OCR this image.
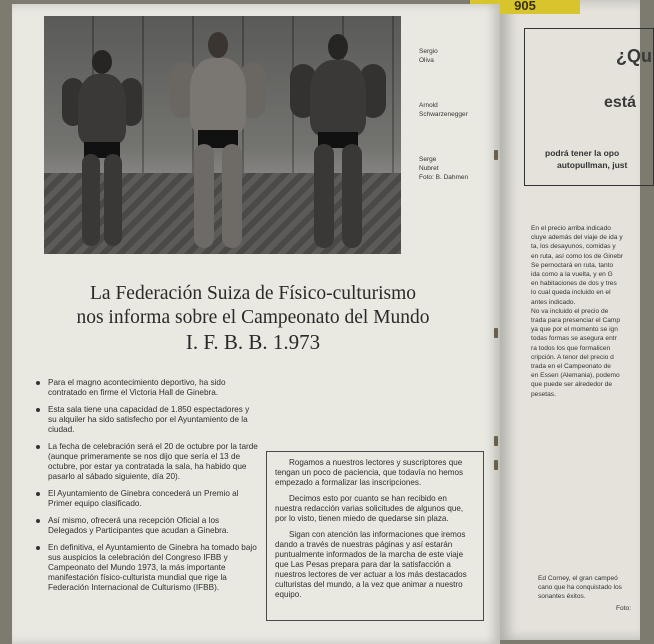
905
Sergio
Oliva
Arnold
Schwarzenegger
Serge
Nubret
Foto: B. Dahmen
La Federación Suiza de Físico-culturismo
nos informa sobre el Campeonato del Mundo
I. F. B. B. 1.973
Para el magno acontecimiento deportivo, ha sido contratado en firme el Victoria Hall de Ginebra.
Esta sala tiene una capacidad de 1.850 espectadores y su alquiler ha sido satisfecho por el Ayuntamiento de la ciudad.
La fecha de celebración será el 20 de octubre por la tarde (aunque primeramente se nos dijo que sería el 13 de octubre, por estar ya contratada la sala, ha habido que pasarlo al sábado siguiente, día 20).
El Ayuntamiento de Ginebra concederá un Premio al Primer equipo clasificado.
Así mismo, ofrecerá una recepción Oficial a los Delegados y Participantes que acudan a Ginebra.
En definitiva, el Ayuntamiento de Ginebra ha tomado bajo sus auspicios la celebración del Congreso IFBB y Campeonato del Mundo 1973, la más importante manifestación físico-culturista mundial que rige la Federación Internacional de Culturismo (IFBB).

Rogamos a nuestros lectores y suscriptores que tengan un poco de paciencia, que todavía no hemos empezado a formalizar las inscripciones.

Decimos esto por cuanto se han recibido en nuestra redacción varias solicitudes de algunos que, por lo visto, tienen miedo de quedarse sin plaza.

Sigan con atención las informaciones que iremos dando a través de nuestras páginas y así estarán puntualmente informados de la marcha de este viaje que Las Pesas prepara para dar la satisfacción a nuestros lectores de ver actuar a los más destacados culturistas del mundo, a la vez que animar a nuestro equipo.

¿Qu
está
podrá tener la opo
autopullman, just
En el precio arriba indicado
cluye además del viaje de ida y
ta, los desayunos, comidas y
en ruta, así como los de Ginebr
Se pernoctará en ruta, tanto
ida como a la vuelta, y en G
en habitaciones de dos y tres
lo cual queda incluido en el
antes indicado.
No va incluido el precio de
trada para presenciar el Camp
ya que por el momento se ign
todas formas se asegura entr
ra todos los que formalicen
cripción. A tenor del precio d
trada en el Campeonato de
en Essen (Alemania), podemo
que puede ser alrededor de
pesetas.
Ed Corney, el gran campeó
cano que ha conquistado los
sonantes éxitos.
Foto:
